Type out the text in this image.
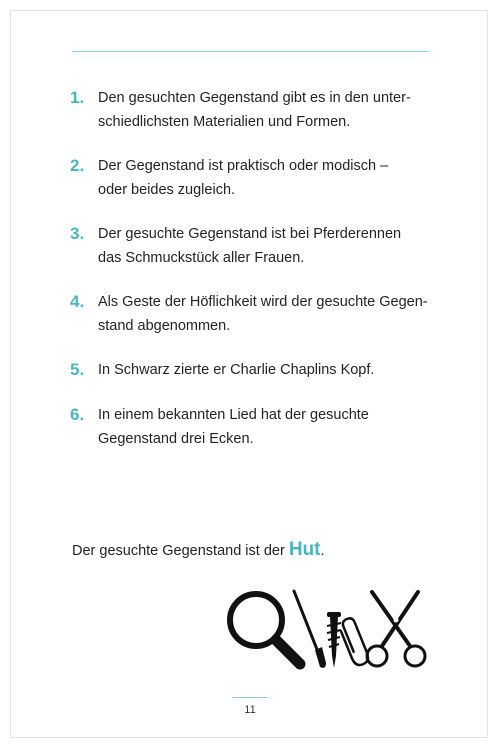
1. Den gesuchten Gegenstand gibt es in den unter-
schiedlichsten Materialien und Formen.
2. Der Gegenstand ist praktisch oder modisch –
oder beides zugleich.
3. Der gesuchte Gegenstand ist bei Pferderennen
das Schmuckstück aller Frauen.
4. Als Geste der Höflichkeit wird der gesuchte Gegen-
stand abgenommen.
5. In Schwarz zierte er Charlie Chaplins Kopf.
6. In einem bekannten Lied hat der gesuchte
Gegenstand drei Ecken.
Der gesuchte Gegenstand ist der Hut.
11
